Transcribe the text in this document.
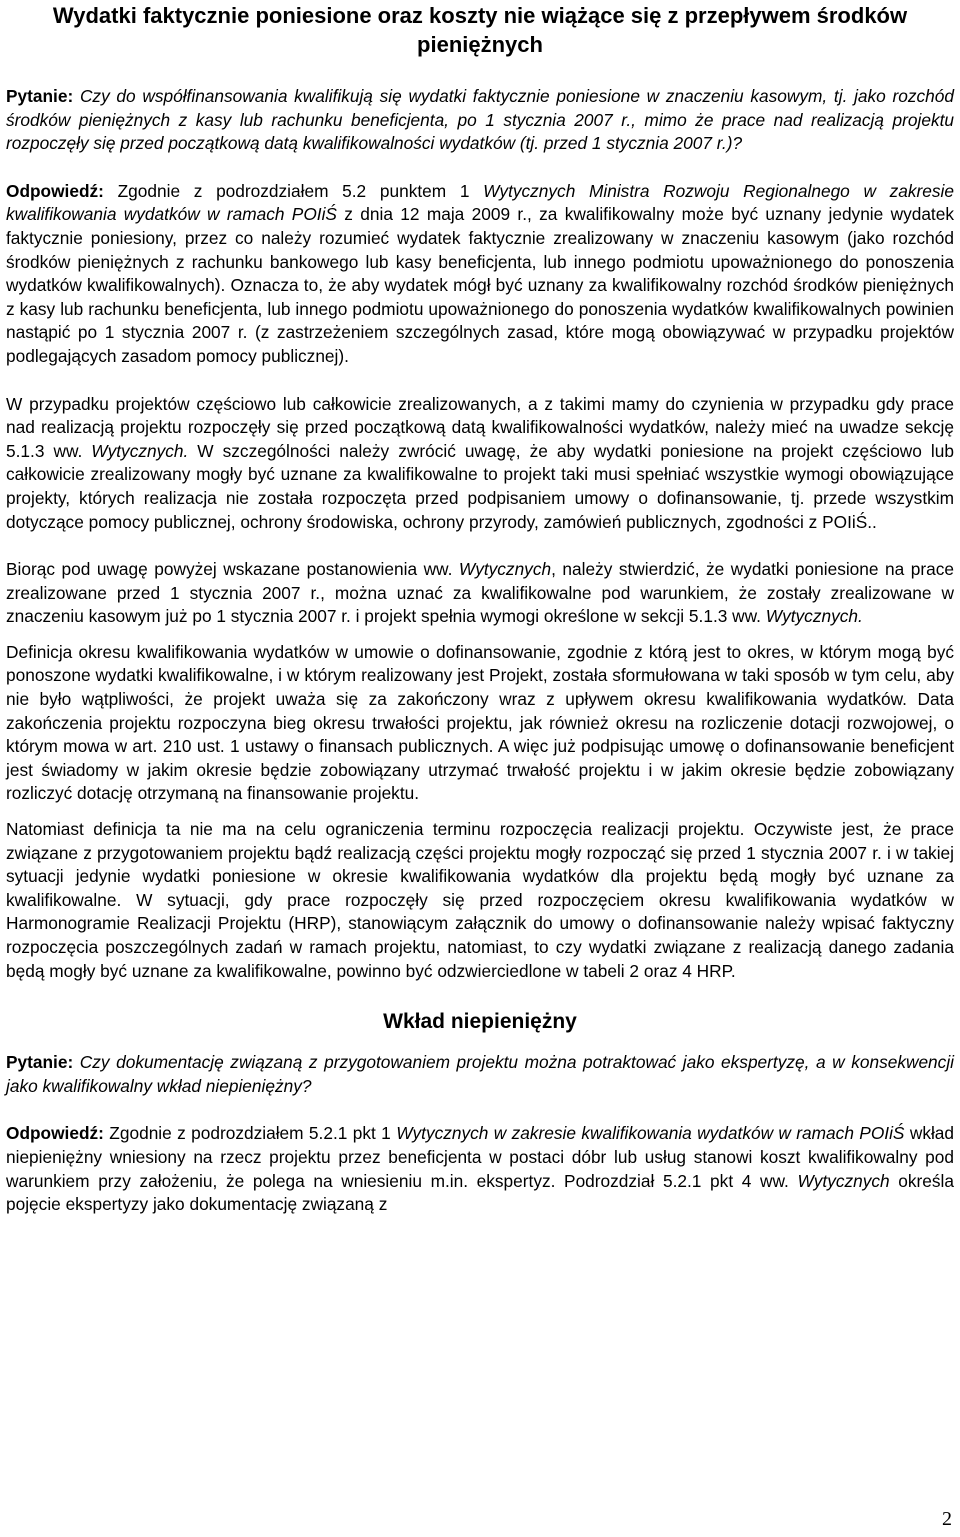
Wydatki faktycznie poniesione oraz koszty nie wiążące się z przepływem środków pieniężnych

Pytanie: Czy do współfinansowania kwalifikują się wydatki faktycznie poniesione w znaczeniu kasowym, tj. jako rozchód środków pieniężnych z kasy lub rachunku beneficjenta, po 1 stycznia 2007 r., mimo że prace nad realizacją projektu rozpoczęły się przed początkową datą kwalifikowalności wydatków (tj. przed 1 stycznia 2007 r.)?

Odpowiedź: Zgodnie z podrozdziałem 5.2 punktem 1 Wytycznych Ministra Rozwoju Regionalnego w zakresie kwalifikowania wydatków w ramach POIiŚ z dnia 12 maja 2009 r., za kwalifikowalny może być uznany jedynie wydatek faktycznie poniesiony, przez co należy rozumieć wydatek faktycznie zrealizowany w znaczeniu kasowym (jako rozchód środków pieniężnych z rachunku bankowego lub kasy beneficjenta, lub innego podmiotu upoważnionego do ponoszenia wydatków kwalifikowalnych). Oznacza to, że aby wydatek mógł być uznany za kwalifikowalny rozchód środków pieniężnych z kasy lub rachunku beneficjenta, lub innego podmiotu upoważnionego do ponoszenia wydatków kwalifikowalnych powinien nastąpić po 1 stycznia 2007 r. (z zastrzeżeniem szczególnych zasad, które mogą obowiązywać w przypadku projektów podlegających zasadom pomocy publicznej).

W przypadku projektów częściowo lub całkowicie zrealizowanych, a z takimi mamy do czynienia w przypadku gdy prace nad realizacją projektu rozpoczęły się przed początkową datą kwalifikowalności wydatków, należy mieć na uwadze sekcję 5.1.3 ww. Wytycznych. W szczególności należy zwrócić uwagę, że aby wydatki poniesione na projekt częściowo lub całkowicie zrealizowany mogły być uznane za kwalifikowalne to projekt taki musi spełniać wszystkie wymogi obowiązujące projekty, których realizacja nie została rozpoczęta przed podpisaniem umowy o dofinansowanie, tj. przede wszystkim dotyczące pomocy publicznej, ochrony środowiska, ochrony przyrody, zamówień publicznych, zgodności z POIiŚ..

Biorąc pod uwagę powyżej wskazane postanowienia ww. Wytycznych, należy stwierdzić, że wydatki poniesione na prace zrealizowane przed 1 stycznia 2007 r., można uznać za kwalifikowalne pod warunkiem, że zostały zrealizowane w znaczeniu kasowym już po 1 stycznia 2007 r. i projekt spełnia wymogi określone w sekcji 5.1.3 ww. Wytycznych.

Definicja okresu kwalifikowania wydatków w umowie o dofinansowanie, zgodnie z którą jest to okres, w którym mogą być ponoszone wydatki kwalifikowalne, i w którym realizowany jest Projekt, została sformułowana w taki sposób w tym celu, aby nie było wątpliwości, że projekt uważa się za zakończony wraz z upływem okresu kwalifikowania wydatków. Data zakończenia projektu rozpoczyna bieg okresu trwałości projektu, jak również okresu na rozliczenie dotacji rozwojowej, o którym mowa w art. 210 ust. 1 ustawy o finansach publicznych. A więc już podpisując umowę o dofinansowanie beneficjent jest świadomy w jakim okresie będzie zobowiązany utrzymać trwałość projektu i w jakim okresie będzie zobowiązany rozliczyć dotację otrzymaną na finansowanie projektu.

Natomiast definicja ta nie ma na celu ograniczenia terminu rozpoczęcia realizacji projektu. Oczywiste jest, że prace związane z przygotowaniem projektu bądź realizacją części projektu mogły rozpocząć się przed 1 stycznia 2007 r. i w takiej sytuacji jedynie wydatki poniesione w okresie kwalifikowania wydatków dla projektu będą mogły być uznane za kwalifikowalne. W sytuacji, gdy prace rozpoczęły się przed rozpoczęciem okresu kwalifikowania wydatków w Harmonogramie Realizacji Projektu (HRP), stanowiącym załącznik do umowy o dofinansowanie należy wpisać faktyczny rozpoczęcia poszczególnych zadań w ramach projektu, natomiast, to czy wydatki związane z realizacją danego zadania będą mogły być uznane za kwalifikowalne, powinno być odzwierciedlone w tabeli 2 oraz 4 HRP.

Wkład niepieniężny

Pytanie: Czy dokumentację związaną z przygotowaniem projektu można potraktować jako ekspertyzę, a w konsekwencji jako kwalifikowalny wkład niepieniężny?

Odpowiedź: Zgodnie z podrozdziałem 5.2.1 pkt 1 Wytycznych w zakresie kwalifikowania wydatków w ramach POIiŚ wkład niepieniężny wniesiony na rzecz projektu przez beneficjenta w postaci dóbr lub usług stanowi koszt kwalifikowalny pod warunkiem przy założeniu, że polega na wniesieniu m.in. ekspertyz. Podrozdział 5.2.1 pkt 4 ww. Wytycznych określa pojęcie ekspertyzy jako dokumentację związaną z

2
